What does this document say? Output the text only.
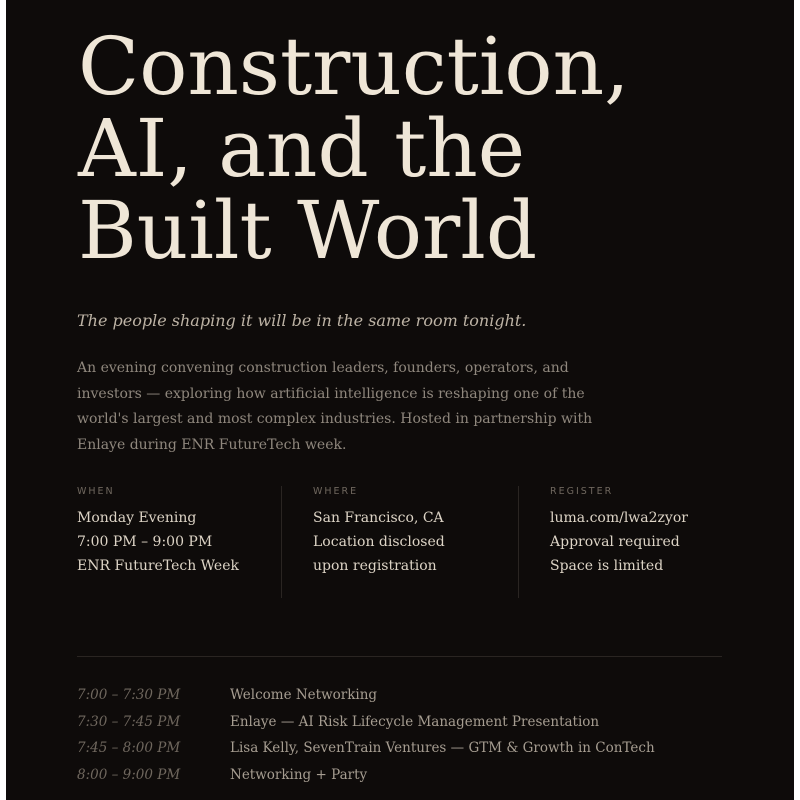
Construction,
AI, and the
Built World

The people shaping it will be in the same room tonight.

An evening convening construction leaders, founders, operators, and
investors — exploring how artificial intelligence is reshaping one of the
world's largest and most complex industries. Hosted in partnership with
Enlaye during ENR FutureTech week.

WHEN
Monday Evening
7:00 PM – 9:00 PM
ENR FutureTech Week
WHERE
San Francisco, CA
Location disclosed
upon registration
REGISTER
luma.com/lwa2zyor
Approval required
Space is limited
7:00 – 7:30 PM	Welcome Networking
7:30 – 7:45 PM	Enlaye — AI Risk Lifecycle Management Presentation
7:45 – 8:00 PM	Lisa Kelly, SevenTrain Ventures — GTM & Growth in ConTech
8:00 – 9:00 PM	Networking + Party
